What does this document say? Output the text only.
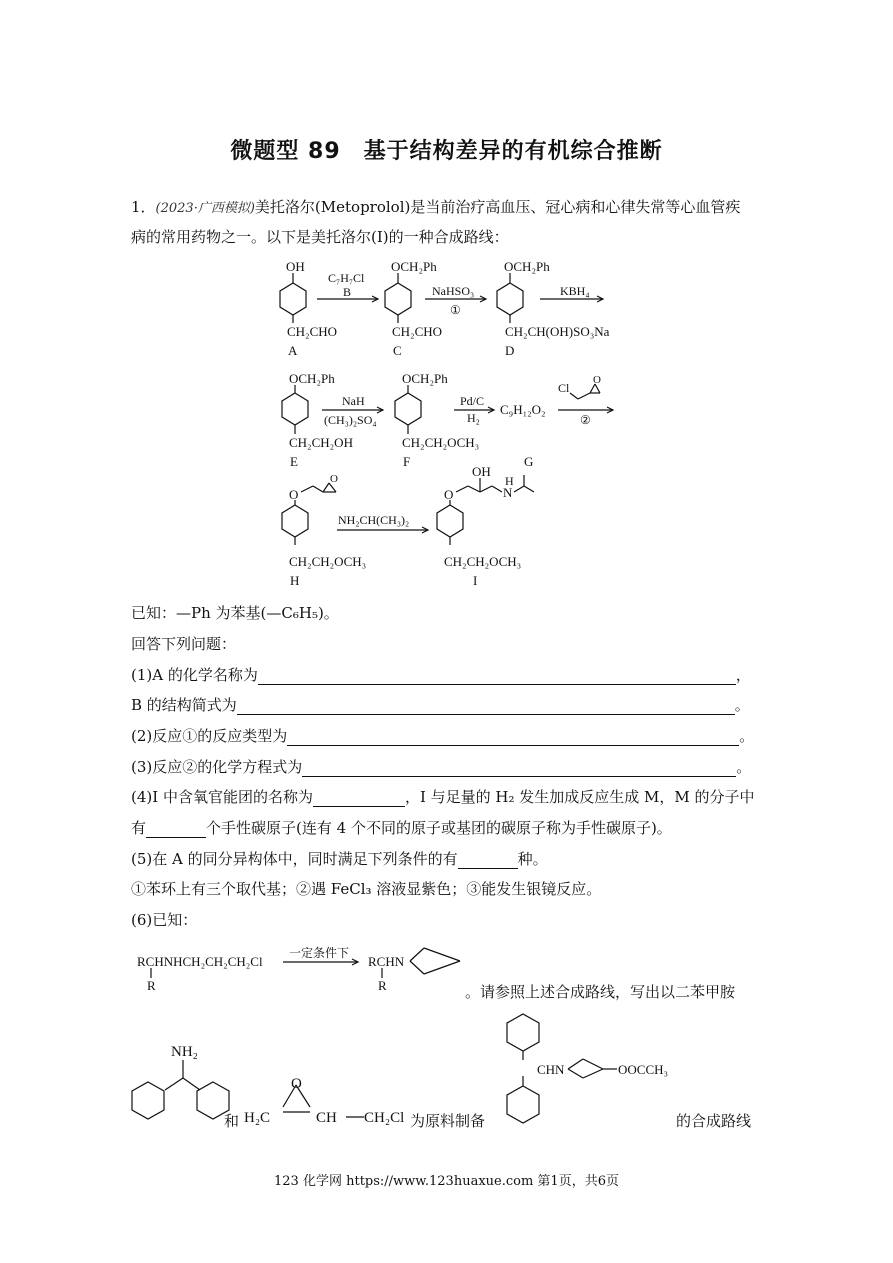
微题型 89　基于结构差异的有机综合推断
1．(2023·广西模拟)美托洛尔(Metoprolol)是当前治疗高血压、冠心病和心律失常等心血管疾
病的常用药物之一。以下是美托洛尔(I)的一种合成路线：
OH
CH₂CHO
A
C₇H₇Cl
B
OCH₂Ph
CH₂CHO
C
NaHSO₃
①
OCH₂Ph
CH₂CH(OH)SO₃Na
D
KBH₄
OCH₂Ph
CH₂CH₂OH
E
NaH
(CH₃)₂SO₄
OCH₂Ph
CH₂CH₂OCH₃
F
Pd/C
H₂
C₉H₁₂O₂
G
Cl
②
O
O
O
CH₂CH₂OCH₃
H
NH₂CH(CH₃)₂
O
OH
H
N
CH₂CH₂OCH₃
I
已知：—Ph 为苯基(—C₆H₅)。
回答下列问题：
(1)A 的化学名称为	，
B 的结构简式为	。
(2)反应①的反应类型为	。
(3)反应②的化学方程式为	。
(4)I 中含氧官能团的名称为	，I 与足量的 H₂ 发生加成反应生成 M，M 的分子中
有	个手性碳原子(连有 4 个不同的原子或基团的碳原子称为手性碳原子)。
(5)在 A 的同分异构体中，同时满足下列条件的有	种。
①苯环上有三个取代基；②遇 FeCl₃ 溶液显紫色；③能发生银镜反应。
(6)已知：
RCHNHCH₂CH₂CH₂Cl
R
一定条件下
RCHN
R	。请参照上述合成路线，写出以二苯甲胺
NH₂
O
H₂C	CH CH₂Cl
CHN	OOCCH₃
和	为原料制备	的合成路线
123 化学网 https://www.123huaxue.com 第1页，共6页
